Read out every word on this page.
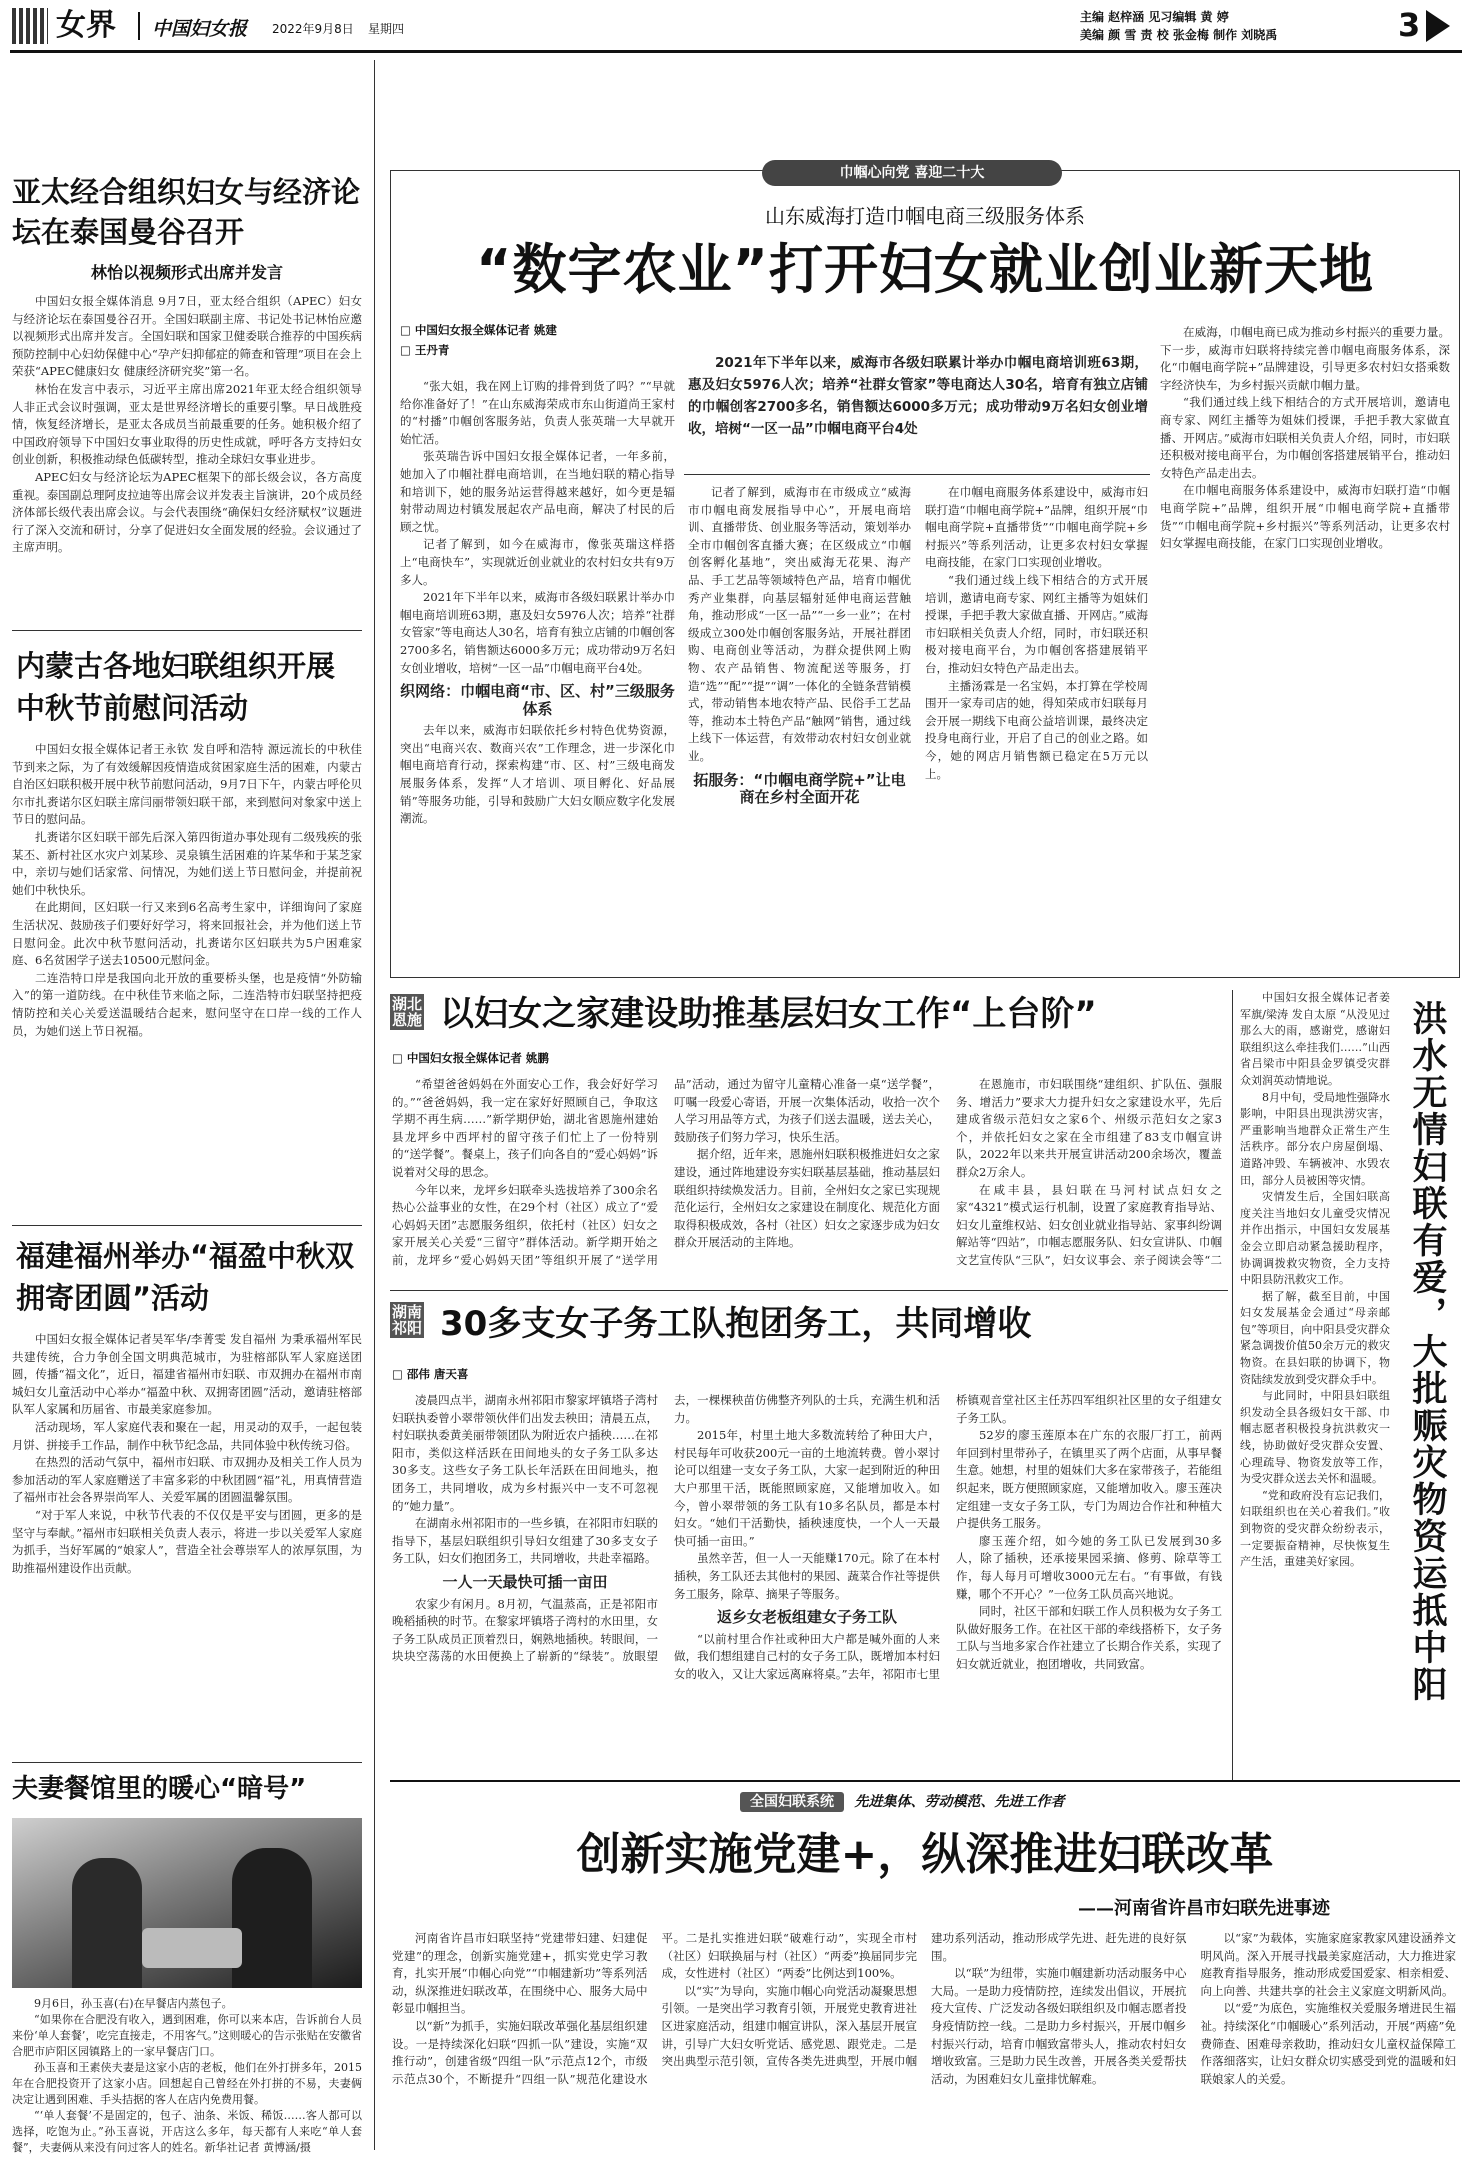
女界 中国妇女报 2022年9月8日 星期四
主编 赵梓涵 见习编辑 黄 婷
美编 颜 雪 责 校 张金梅 制作 刘晓禹	3
亚太经合组织妇女与经济论坛在泰国曼谷召开
林怡以视频形式出席并发言

中国妇女报全媒体消息 9月7日，亚太经合组织（APEC）妇女与经济论坛在泰国曼谷召开。全国妇联副主席、书记处书记林怡应邀以视频形式出席并发言。全国妇联和国家卫健委联合推荐的中国疾病预防控制中心妇幼保健中心“孕产妇抑郁症的筛查和管理”项目在会上荣获“APEC健康妇女 健康经济研究奖”第一名。

林怡在发言中表示，习近平主席出席2021年亚太经合组织领导人非正式会议时强调，亚太是世界经济增长的重要引擎。早日战胜疫情，恢复经济增长，是亚太各成员当前最重要的任务。她积极介绍了中国政府领导下中国妇女事业取得的历史性成就，呼吁各方支持妇女创业创新，积极推动绿色低碳转型，推动全球妇女事业进步。

APEC妇女与经济论坛为APEC框架下的部长级会议，各方高度重视。泰国副总理阿皮拉迪等出席会议并发表主旨演讲，20个成员经济体部长级代表出席会议。与会代表围绕“确保妇女经济赋权”议题进行了深入交流和研讨，分享了促进妇女全面发展的经验。会议通过了主席声明。

内蒙古各地妇联组织开展中秋节前慰问活动

中国妇女报全媒体记者王永钦 发自呼和浩特 源远流长的中秋佳节到来之际，为了有效缓解因疫情造成贫困家庭生活的困难，内蒙古自治区妇联积极开展中秋节前慰问活动，9月7日下午，内蒙古呼伦贝尔市扎赉诺尔区妇联主席闫丽带领妇联干部，来到慰问对象家中送上节日的慰问品。

扎赉诺尔区妇联干部先后深入第四街道办事处现有二级残疾的张某丕、新村社区水灾户刘某珍、灵泉镇生活困难的许某华和于某芝家中，亲切与她们话家常、问情况，为她们送上节日慰问金，并提前祝她们中秋快乐。

在此期间，区妇联一行又来到6名高考生家中，详细询问了家庭生活状况、鼓励孩子们要好好学习，将来回报社会，并为他们送上节日慰问金。此次中秋节慰问活动，扎赉诺尔区妇联共为5户困难家庭、6名贫困学子送去10500元慰问金。

二连浩特口岸是我国向北开放的重要桥头堡，也是疫情“外防输入”的第一道防线。在中秋佳节来临之际，二连浩特市妇联坚持把疫情防控和关心关爱送温暖结合起来，慰问坚守在口岸一线的工作人员，为她们送上节日祝福。

福建福州举办“福盈中秋双拥寄团圆”活动

中国妇女报全媒体记者吴军华/李菁雯 发自福州 为秉承福州军民共建传统，合力争创全国文明典范城市，为驻榕部队军人家庭送团圆，传播“福文化”，近日，福建省福州市妇联、市双拥办在福州市南城妇女儿童活动中心举办“福盈中秋、双拥寄团圆”活动，邀请驻榕部队军人家属和历届省、市最美家庭参加。

活动现场，军人家庭代表和聚在一起，用灵动的双手，一起包装月饼、拼接手工作品，制作中秋节纪念品，共同体验中秋传统习俗。

在热烈的活动气氛中，福州市妇联、市双拥办及相关工作人员为参加活动的军人家庭赠送了丰富多彩的中秋团圆“福”礼，用真情营造了福州市社会各界崇尚军人、关爱军属的团圆温馨氛围。

“对于军人来说，中秋节代表的不仅仅是平安与团圆，更多的是坚守与奉献。”福州市妇联相关负责人表示，将进一步以关爱军人家庭为抓手，当好军属的“娘家人”，营造全社会尊崇军人的浓厚氛围，为助推福州建设作出贡献。

夫妻餐馆里的暖心“暗号”

9月6日，孙玉喜(右)在早餐店内蒸包子。

“如果你在合肥没有收入，遇到困难，你可以来本店，告诉前台人员来份‘单人套餐’，吃完直接走，不用客气。”这则暖心的告示张贴在安徽省合肥市庐阳区园镇路上的一家早餐店门口。

孙玉喜和王素侠夫妻是这家小店的老板，他们在外打拼多年，2015年在合肥投资开了这家小店。回想起自己曾经在外打拼的不易，夫妻俩决定让遇到困难、手头拮据的客人在店内免费用餐。

“‘单人套餐’不是固定的，包子、油条、米饭、稀饭……客人都可以选择，吃饱为止。”孙玉喜说，开店这么多年，每天都有人来吃“单人套餐”，夫妻俩从来没有问过客人的姓名。新华社记者 黄博涵/摄

巾帼心向党 喜迎二十大
山东威海打造巾帼电商三级服务体系
“数字农业”打开妇女就业创业新天地
□ 中国妇女报全媒体记者 姚建
□ 王丹青
2021年下半年以来，威海市各级妇联累计举办巾帼电商培训班63期，惠及妇女5976人次；培养“社群女管家”等电商达人30名，培育有独立店铺的巾帼创客2700多名，销售额达6000多万元；成功带动9万名妇女创业增收，培树“一区一品”巾帼电商平台4处

“张大姐，我在网上订购的排骨到货了吗？”“早就给你准备好了！”在山东威海荣成市东山街道尚王家村的“村播”巾帼创客服务站，负责人张英瑞一大早就开始忙活。

张英瑞告诉中国妇女报全媒体记者，一年多前，她加入了巾帼社群电商培训，在当地妇联的精心指导和培训下，她的服务站运营得越来越好，如今更是辐射带动周边村镇发展起农产品电商，解决了村民的后顾之忧。

记者了解到，如今在威海市，像张英瑞这样搭上“电商快车”，实现就近创业就业的农村妇女共有9万多人。

2021年下半年以来，威海市各级妇联累计举办巾帼电商培训班63期，惠及妇女5976人次；培养“社群女管家”等电商达人30名，培育有独立店铺的巾帼创客2700多名，销售额达6000多万元；成功带动9万名妇女创业增收，培树“一区一品”巾帼电商平台4处。

织网络：巾帼电商“市、区、村”三级服务体系

去年以来，威海市妇联依托乡村特色优势资源，突出“电商兴农、数商兴农”工作理念，进一步深化巾帼电商培育行动，探索构建“市、区、村”三级电商发展服务体系，发挥“人才培训、项目孵化、好品展销”等服务功能，引导和鼓励广大妇女顺应数字化发展潮流。

记者了解到，威海市在市级成立“威海市巾帼电商发展指导中心”，开展电商培训、直播带货、创业服务等活动，策划举办全市巾帼创客直播大赛；在区级成立“巾帼创客孵化基地”，突出威海无花果、海产品、手工艺品等领域特色产品，培育巾帼优秀产业集群，向基层辐射延伸电商运营触角，推动形成“一区一品”“一乡一业”；在村级成立300处巾帼创客服务站，开展社群团购、电商创业等活动，为群众提供网上购物、农产品销售、物流配送等服务，打造“选”“配”“提”“调”一体化的全链条营销模式，带动销售本地农特产品、民俗手工艺品等，推动本土特色产品“触网”销售，通过线上线下一体运营，有效带动农村妇女创业就业。

拓服务：“巾帼电商学院+”让电商在乡村全面开花

在巾帼电商服务体系建设中，威海市妇联打造“巾帼电商学院+”品牌，组织开展“巾帼电商学院+直播带货”“巾帼电商学院+乡村振兴”等系列活动，让更多农村妇女掌握电商技能，在家门口实现创业增收。

“我们通过线上线下相结合的方式开展培训，邀请电商专家、网红主播等为姐妹们授课，手把手教大家做直播、开网店。”威海市妇联相关负责人介绍，同时，市妇联还积极对接电商平台，为巾帼创客搭建展销平台，推动妇女特色产品走出去。

主播汤霖是一名宝妈，本打算在学校周围开一家寿司店的她，得知荣成市妇联每月会开展一期线下电商公益培训课，最终决定投身电商行业，开启了自己的创业之路。如今，她的网店月销售额已稳定在5万元以上。

在威海，巾帼电商已成为推动乡村振兴的重要力量。下一步，威海市妇联将持续完善巾帼电商服务体系，深化“巾帼电商学院+”品牌建设，引导更多农村妇女搭乘数字经济快车，为乡村振兴贡献巾帼力量。

“我们通过线上线下相结合的方式开展培训，邀请电商专家、网红主播等为姐妹们授课，手把手教大家做直播、开网店。”威海市妇联相关负责人介绍，同时，市妇联还积极对接电商平台，为巾帼创客搭建展销平台，推动妇女特色产品走出去。

在巾帼电商服务体系建设中，威海市妇联打造“巾帼电商学院+”品牌，组织开展“巾帼电商学院+直播带货”“巾帼电商学院+乡村振兴”等系列活动，让更多农村妇女掌握电商技能，在家门口实现创业增收。

湖北 恩施 以妇女之家建设助推基层妇女工作“上台阶”
□ 中国妇女报全媒体记者 姚鹏

“希望爸爸妈妈在外面安心工作，我会好好学习的。”“爸爸妈妈，我一定在家好好照顾自己，争取这学期不再生病……”新学期伊始，湖北省恩施州建始县龙坪乡中西坪村的留守孩子们忙上了一份特别的“送学餐”。餐桌上，孩子们向各自的“爱心妈妈”诉说着对父母的思念。

今年以来，龙坪乡妇联牵头选拔培养了300余名热心公益事业的女性，在29个村（社区）成立了“爱心妈妈天团”志愿服务组织，依托村（社区）妇女之家开展关心关爱“三留守”群体活动。新学期开始之前，龙坪乡“爱心妈妈天团”等组织开展了“送学用品”活动，通过为留守儿童精心准备一桌“送学餐”，叮嘱一段爱心寄语，开展一次集体活动，收拾一次个人学习用品等方式，为孩子们送去温暖，送去关心，鼓励孩子们努力学习，快乐生活。

据介绍，近年来，恩施州妇联积极推进妇女之家建设，通过阵地建设夯实妇联基层基础，推动基层妇联组织持续焕发活力。目前，全州妇女之家已实现规范化运行，全州妇女之家建设在制度化、规范化方面取得积极成效，各村（社区）妇女之家逐步成为妇女群众开展活动的主阵地。

在恩施市，市妇联围绕“建组织、扩队伍、强服务、增活力”要求大力提升妇女之家建设水平，先后建成省级示范妇女之家6个、州级示范妇女之家3个，并依托妇女之家在全市组建了83支巾帼宣讲队，2022年以来共开展宣讲活动200余场次，覆盖群众2万余人。

在咸丰县，县妇联在马河村试点妇女之家“4321”模式运行机制，设置了家庭教育指导站、妇女儿童维权站、妇女创业就业指导站、家事纠纷调解站等“四站”，巾帼志愿服务队、妇女宣讲队、巾帼文艺宣传队“三队”，妇女议事会、亲子阅读会等“二

湖南 祁阳 30多支女子务工队抱团务工，共同增收
□ 邵伟 唐天喜

凌晨四点半，湖南永州祁阳市黎家坪镇塔子湾村妇联执委曾小翠带领伙伴们出发去秧田；清晨五点，村妇联执委黄美丽带领团队为附近农户插秧……在祁阳市，类似这样活跃在田间地头的女子务工队多达30多支。这些女子务工队长年活跃在田间地头，抱团务工，共同增收，成为乡村振兴中一支不可忽视的“她力量”。

在湖南永州祁阳市的一些乡镇，在祁阳市妇联的指导下，基层妇联组织引导妇女组建了30多支女子务工队，妇女们抱团务工，共同增收，共赴幸福路。

一人一天最快可插一亩田

农家少有闲月。8月初，气温蒸高，正是祁阳市晚稻插秧的时节。在黎家坪镇塔子湾村的水田里，女子务工队成员正顶着烈日，娴熟地插秧。转眼间，一块块空荡荡的水田便换上了崭新的“绿装”。放眼望去，一棵棵秧苗仿佛整齐列队的士兵，充满生机和活力。

2015年，村里土地大多数流转给了种田大户，村民每年可收获200元一亩的土地流转费。曾小翠讨论可以组建一支女子务工队，大家一起到附近的种田大户那里干活，既能照顾家庭，又能增加收入。如今，曾小翠带领的务工队有10多名队员，都是本村妇女。“她们干活勤快，插秧速度快，一个人一天最快可插一亩田。”

虽然辛苦，但一人一天能赚170元。除了在本村插秧，务工队还去其他村的果园、蔬菜合作社等提供务工服务，除草、摘果子等服务。

返乡女老板组建女子务工队

“以前村里合作社或种田大户都是喊外面的人来做，我们想组建自己村的女子务工队，既增加本村妇女的收入，又让大家远离麻将桌。”去年，祁阳市七里桥镇观音堂社区主任苏四军组织社区里的女子组建女子务工队。

52岁的廖玉莲原本在广东的衣服厂打工，前两年回到村里带孙子，在镇里买了两个店面，从事早餐生意。她想，村里的姐妹们大多在家带孩子，若能组织起来，既方便照顾家庭，又能增加收入。廖玉莲决定组建一支女子务工队，专门为周边合作社和种植大户提供务工服务。

廖玉莲介绍，如今她的务工队已发展到30多人，除了插秧，还承接果园采摘、修剪、除草等工作，每人每月可增收3000元左右。“有事做，有钱赚，哪个不开心？”一位务工队员高兴地说。

同时，社区干部和妇联工作人员积极为女子务工队做好服务工作。在社区干部的牵线搭桥下，女子务工队与当地多家合作社建立了长期合作关系，实现了妇女就近就业，抱团增收，共同致富。

中国妇女报全媒体记者姜军旗/梁涛 发自太原 “从没见过那么大的雨，感谢党，感谢妇联组织这么牵挂我们……”山西省吕梁市中阳县金罗镇受灾群众刘润英动情地说。

8月中旬，受局地性强降水影响，中阳县出现洪涝灾害，严重影响当地群众正常生产生活秩序。部分农户房屋倒塌、道路冲毁、车辆被冲、水毁农田，部分人员被困等灾情。

灾情发生后，全国妇联高度关注当地妇女儿童受灾情况并作出指示，中国妇女发展基金会立即启动紧急援助程序，协调调拨救灾物资，全力支持中阳县防汛救灾工作。

据了解，截至目前，中国妇女发展基金会通过“母亲邮包”等项目，向中阳县受灾群众紧急调拨价值50余万元的救灾物资。在县妇联的协调下，物资陆续发放到受灾群众手中。

与此同时，中阳县妇联组织发动全县各级妇女干部、巾帼志愿者积极投身抗洪救灾一线，协助做好受灾群众安置、心理疏导、物资发放等工作，为受灾群众送去关怀和温暖。

“党和政府没有忘记我们，妇联组织也在关心着我们。”收到物资的受灾群众纷纷表示，一定要振奋精神，尽快恢复生产生活，重建美好家园。	洪水无情妇联有爱，大批赈灾物资运抵中阳
全国妇联系统 先进集体、劳动模范、先进工作者
创新实施党建+，纵深推进妇联改革
——河南省许昌市妇联先进事迹

河南省许昌市妇联坚持“党建带妇建、妇建促党建”的理念，创新实施党建+，抓实党史学习教育，扎实开展“巾帼心向党”“巾帼建新功”等系列活动，纵深推进妇联改革，在围绕中心、服务大局中彰显巾帼担当。

以“新”为抓手，实施妇联改革强化基层组织建设。一是持续深化妇联“四抓一队”建设，实施“双推行动”，创建省级“四组一队”示范点12个，市级示范点30个，不断提升“四组一队”规范化建设水平。二是扎实推进妇联“破难行动”，实现全市村（社区）妇联换届与村（社区）“两委”换届同步完成，女性进村（社区）“两委”比例达到100%。

以“实”为导向，实施巾帼心向党活动凝聚思想引领。一是突出学习教育引领，开展党史教育进社区进家庭活动，组建巾帼宣讲队，深入基层开展宣讲，引导广大妇女听党话、感党恩、跟党走。二是突出典型示范引领，宣传各类先进典型，开展巾帼建功系列活动，推动形成学先进、赶先进的良好氛围。

以“联”为纽带，实施巾帼建新功活动服务中心大局。一是助力疫情防控，连续发出倡议，开展抗疫大宣传、广泛发动各级妇联组织及巾帼志愿者投身疫情防控一线。二是助力乡村振兴，开展巾帼乡村振兴行动，培育巾帼致富带头人，推动农村妇女增收致富。三是助力民生改善，开展各类关爱帮扶活动，为困难妇女儿童排忧解难。

以“家”为载体，实施家庭家教家风建设涵养文明风尚。深入开展寻找最美家庭活动，大力推进家庭教育指导服务，推动形成爱国爱家、相亲相爱、向上向善、共建共享的社会主义家庭文明新风尚。

以“爱”为底色，实施维权关爱服务增进民生福祉。持续深化“巾帼暖心”系列活动，开展“两癌”免费筛查、困难母亲救助，推动妇女儿童权益保障工作落细落实，让妇女群众切实感受到党的温暖和妇联娘家人的关爱。
